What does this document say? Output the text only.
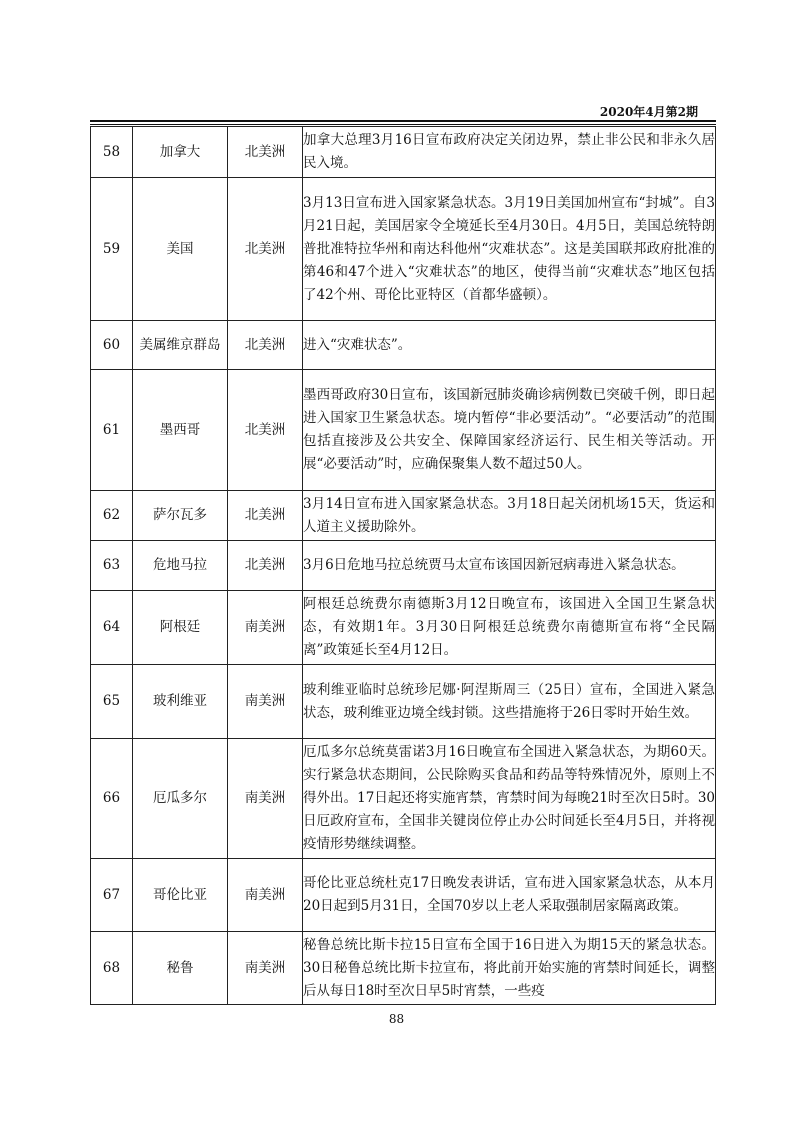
2020年4月第2期
58	加拿大	北美洲	加拿大总理3月16日宣布政府决定关闭边界，禁止非公民和非永久居民入境。
59	美国	北美洲	3月13日宣布进入国家紧急状态。3月19日美国加州宣布“封城”。自3月21日起，美国居家令全境延长至4月30日。4月5日，美国总统特朗普批准特拉华州和南达科他州“灾难状态”。这是美国联邦政府批准的第46和47个进入“灾难状态”的地区，使得当前“灾难状态”地区包括了42个州、哥伦比亚特区（首都华盛顿）。
60	美属维京群岛	北美洲	进入“灾难状态”。
61	墨西哥	北美洲	墨西哥政府30日宣布，该国新冠肺炎确诊病例数已突破千例，即日起进入国家卫生紧急状态。境内暂停“非必要活动”。“必要活动”的范围包括直接涉及公共安全、保障国家经济运行、民生相关等活动。开展“必要活动”时，应确保聚集人数不超过50人。
62	萨尔瓦多	北美洲	3月14日宣布进入国家紧急状态。3月18日起关闭机场15天，货运和人道主义援助除外。
63	危地马拉	北美洲	3月6日危地马拉总统贾马太宣布该国因新冠病毒进入紧急状态。
64	阿根廷	南美洲	阿根廷总统费尔南德斯3月12日晚宣布，该国进入全国卫生紧急状态，有效期1年。3月30日阿根廷总统费尔南德斯宣布将“全民隔离”政策延长至4月12日。
65	玻利维亚	南美洲	玻利维亚临时总统珍尼娜·阿涅斯周三（25日）宣布，全国进入紧急状态，玻利维亚边境全线封锁。这些措施将于26日零时开始生效。
66	厄瓜多尔	南美洲	厄瓜多尔总统莫雷诺3月16日晚宣布全国进入紧急状态，为期60天。实行紧急状态期间，公民除购买食品和药品等特殊情况外，原则上不得外出。17日起还将实施宵禁，宵禁时间为每晚21时至次日5时。30日厄政府宣布，全国非关键岗位停止办公时间延长至4月5日，并将视疫情形势继续调整。
67	哥伦比亚	南美洲	哥伦比亚总统杜克17日晚发表讲话，宣布进入国家紧急状态，从本月20日起到5月31日，全国70岁以上老人采取强制居家隔离政策。
68	秘鲁	南美洲	秘鲁总统比斯卡拉15日宣布全国于16日进入为期15天的紧急状态。30日秘鲁总统比斯卡拉宣布，将此前开始实施的宵禁时间延长，调整后从每日18时至次日早5时宵禁，一些疫
88
